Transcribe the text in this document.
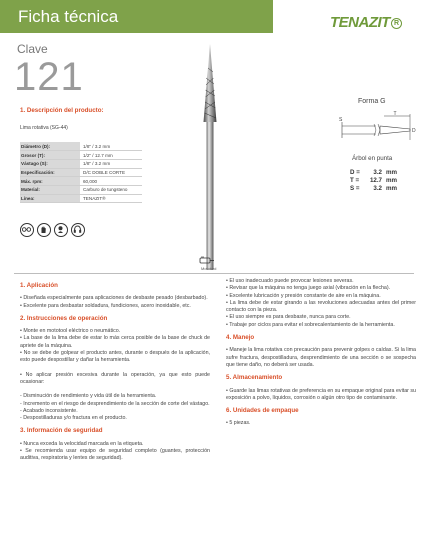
Ficha técnica	TENAZIT R
Clave
121
1. Descripción del producto:
Lima rotativa (SG-44)
Diámetro (D):	1/8" / 3.2 mm
Grosor (T):	1/2" / 12.7 mm
Vástago (S):	1/8" / 3.2 mm
Especificación:	D/C DOBLE CORTE
Máx. rpm:	60,000
Material:	Carburo de tungsteno
Línea:	TENAZIT®
Mototool
Forma G
T
S
D
Árbol en punta
D =	3.2 mm
T =	12.7 mm
S =	3.2 mm
1. Aplicación

• Diseñada especialmente para aplicaciones de desbaste pesado (desbarbado).

• Excelente para desbastar soldadura, fundiciones, acero inoxidable, etc.

2. Instrucciones de operación

• Monte en mototool eléctrico o neumático.

• La base de la lima debe de estar lo más cerca posible de la base de chuck de apriete de la máquina.

• No se debe de golpear el producto antes, durante o después de la aplicación, esto puede despostillar y dañar la herramienta.

• No aplicar presión excesiva durante la operación, ya que esto puede ocasionar:

- Disminución de rendimiento y vida útil de la herramienta.

- Incremento en el riesgo de desprendimiento de la sección de corte del vástago.

- Acabado inconsistente.

- Despostilladuras y/o fractura en el producto.

3. Información de seguridad

• Nunca exceda la velocidad marcada en la etiqueta.

• Se recomienda usar equipo de seguridad completo (guantes, protección auditiva, respiratoria y lentes de seguridad).

• El uso inadecuado puede provocar lesiones severas.

• Revisar que la máquina no tenga juego axial (vibración en la flecha).

• Excelente lubricación y presión constante de aire en la máquina.

• La lima debe de estar girando a las revoluciones adecuadas antes del primer contacto con la pieza.

• El uso siempre es para desbaste, nunca para corte.

• Trabaje por ciclos para evitar el sobrecalentamiento de la herramienta.

4. Manejo

• Maneje la lima rotativa con precaución para prevenir golpes o caídas. Si la lima sufre fractura, despostilladura, desprendimiento de una sección o se sospecha que tiene daño, no deberá ser usada.

5. Almacenamiento

• Guarde las limas rotativas de preferencia en su empaque original para evitar su exposición a polvo, líquidos, corrosión o algún otro tipo de contaminante.

6. Unidades de empaque

• 5 piezas.
